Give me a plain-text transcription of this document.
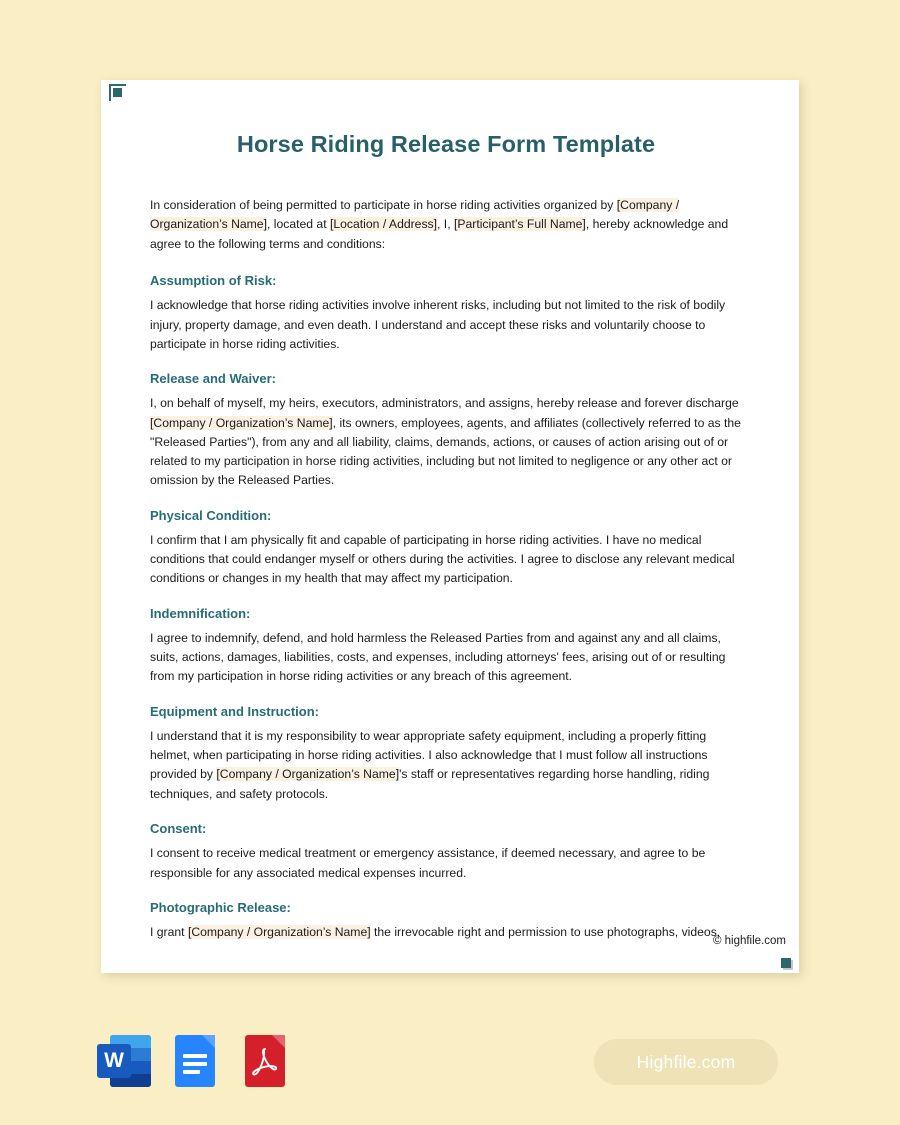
Horse Riding Release Form Template

In consideration of being permitted to participate in horse riding activities organized by [Company / Organization’s Name], located at [Location / Address], I, [Participant’s Full Name], hereby acknowledge and agree to the following terms and conditions:

Assumption of Risk:

I acknowledge that horse riding activities involve inherent risks, including but not limited to the risk of bodily injury, property damage, and even death. I understand and accept these risks and voluntarily choose to participate in horse riding activities.

Release and Waiver:

I, on behalf of myself, my heirs, executors, administrators, and assigns, hereby release and forever discharge [Company / Organization’s Name], its owners, employees, agents, and affiliates (collectively referred to as the "Released Parties"), from any and all liability, claims, demands, actions, or causes of action arising out of or related to my participation in horse riding activities, including but not limited to negligence or any other act or omission by the Released Parties.

Physical Condition:

I confirm that I am physically fit and capable of participating in horse riding activities. I have no medical conditions that could endanger myself or others during the activities. I agree to disclose any relevant medical conditions or changes in my health that may affect my participation.

Indemnification:

I agree to indemnify, defend, and hold harmless the Released Parties from and against any and all claims, suits, actions, damages, liabilities, costs, and expenses, including attorneys' fees, arising out of or resulting from my participation in horse riding activities or any breach of this agreement.

Equipment and Instruction:

I understand that it is my responsibility to wear appropriate safety equipment, including a properly fitting helmet, when participating in horse riding activities. I also acknowledge that I must follow all instructions provided by [Company / Organization’s Name]'s staff or representatives regarding horse handling, riding techniques, and safety protocols.

Consent:

I consent to receive medical treatment or emergency assistance, if deemed necessary, and agree to be responsible for any associated medical expenses incurred.

Photographic Release:

I grant [Company / Organization’s Name] the irrevocable right and permission to use photographs, videos,

© highfile.com
W	Highfile.com
